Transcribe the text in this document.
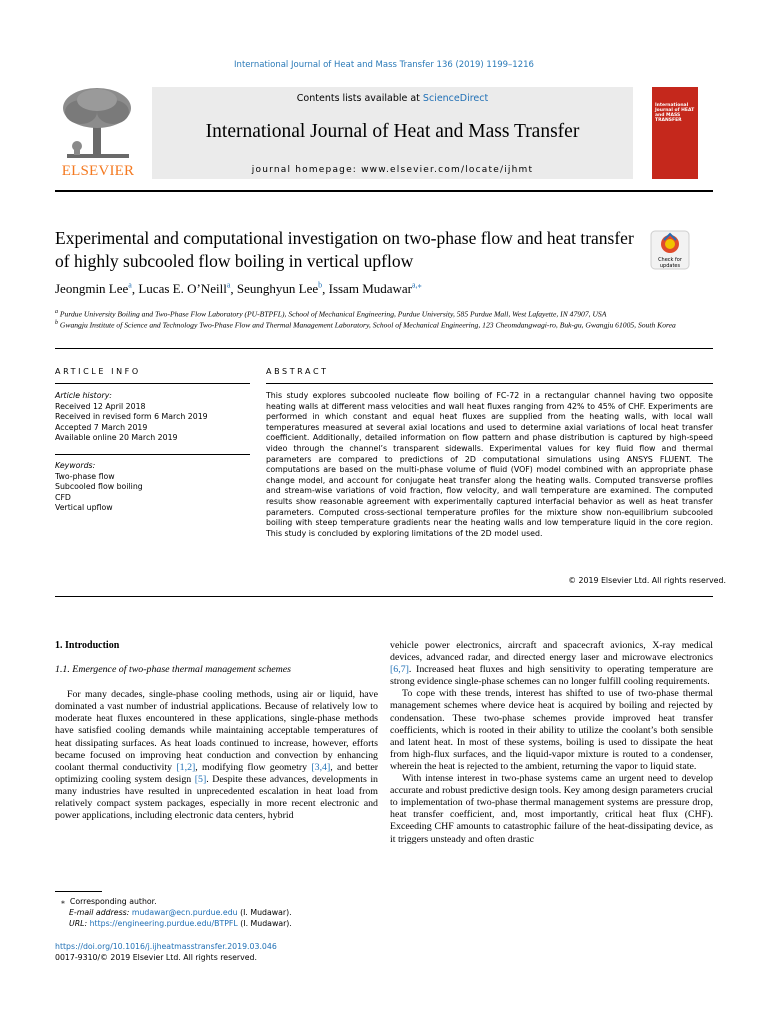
International Journal of Heat and Mass Transfer 136 (2019) 1199–1216
ELSEVIER
Contents lists available at ScienceDirect
International Journal of Heat and Mass Transfer
journal homepage: www.elsevier.com/locate/ijhmt
International Journal of HEAT and MASS TRANSFER
Experimental and computational investigation on two-phase flow and heat transfer of highly subcooled flow boiling in vertical upflow	Check for updates
Jeongmin Lee$^a$, Lucas E. O’Neill$^a$, Seunghyun Lee$^b$, Issam Mudawar$^{a,⁎}$
$^a$ Purdue University Boiling and Two-Phase Flow Laboratory (PU-BTPFL), School of Mechanical Engineering, Purdue University, 585 Purdue Mall, West Lafayette, IN 47907, USA
$^b$ Gwangju Institute of Science and Technology Two-Phase Flow and Thermal Management Laboratory, School of Mechanical Engineering, 123 Cheomdangwagi-ro, Buk-gu, Gwangju 61005, South Korea
ARTICLE INFO	ABSTRACT
Article history:
Received 12 April 2018
Received in revised form 6 March 2019
Accepted 7 March 2019
Available online 20 March 2019
Keywords:
Two-phase flow
Subcooled flow boiling
CFD
Vertical upflow
This study explores subcooled nucleate flow boiling of FC-72 in a rectangular channel having two opposite heating walls at different mass velocities and wall heat fluxes ranging from 42% to 45% of CHF. Experiments are performed in which constant and equal heat fluxes are supplied from the heating walls, with local wall temperatures measured at several axial locations and used to determine axial variations of local heat transfer coefficient. Additionally, detailed information on flow pattern and phase distribution is captured by high-speed video through the channel’s transparent sidewalls. Experimental values for key fluid flow and thermal parameters are compared to predictions of 2D computational simulations using ANSYS FLUENT. The computations are based on the multi-phase volume of fluid (VOF) model combined with an appropriate phase change model, and account for conjugate heat transfer along the heating walls. Computed transverse profiles and stream-wise variations of void fraction, flow velocity, and wall temperature are examined. The computed results show reasonable agreement with experimentally captured interfacial behavior as well as heat transfer parameters. Computed cross-sectional temperature profiles for the mixture show non-equilibrium subcooled boiling with steep temperature gradients near the heating walls and low temperature liquid in the core region. This study is concluded by exploring limitations of the 2D model used.
© 2019 Elsevier Ltd. All rights reserved.
1. Introduction
1.1. Emergence of two-phase thermal management schemes

For many decades, single-phase cooling methods, using air or liquid, have dominated a vast number of industrial applications. Because of relatively low to moderate heat fluxes encountered in these applications, single-phase methods have satisfied cooling demands while maintaining acceptable temperatures of heat dissipating surfaces. As heat loads continued to increase, however, efforts became focused on improving heat conduction and convection by enhancing coolant thermal conductivity [1,2], modifying flow geometry [3,4], and better optimizing cooling system design [5]. Despite these advances, developments in many industries have resulted in unprecedented escalation in heat load from relatively compact system packages, especially in more recent electronic and power applications, including electronic data centers, hybrid

vehicle power electronics, aircraft and spacecraft avionics, X-ray medical devices, advanced radar, and directed energy laser and microwave electronics [6,7]. Increased heat fluxes and high sensitivity to operating temperature are strong evidence single-phase schemes can no longer fulfill cooling requirements.

To cope with these trends, interest has shifted to use of two-phase thermal management schemes where device heat is acquired by boiling and rejected by condensation. These two-phase schemes provide improved heat transfer coefficients, which is rooted in their ability to utilize the coolant’s both sensible and latent heat. In most of these systems, boiling is used to dissipate the heat from high-flux surfaces, and the liquid-vapor mixture is routed to a condenser, wherein the heat is rejected to the ambient, returning the vapor to liquid state.

With intense interest in two-phase systems came an urgent need to develop accurate and robust predictive design tools. Key among design parameters crucial to implementation of two-phase thermal management systems are pressure drop, heat transfer coefficient, and, most importantly, critical heat flux (CHF). Exceeding CHF amounts to catastrophic failure of the heat-dissipating device, as it triggers unsteady and often drastic

⁎ Corresponding author.
E-mail address: mudawar@ecn.purdue.edu (I. Mudawar).
URL: https://engineering.purdue.edu/BTPFL (I. Mudawar).
https://doi.org/10.1016/j.ijheatmasstransfer.2019.03.046
0017-9310/© 2019 Elsevier Ltd. All rights reserved.
